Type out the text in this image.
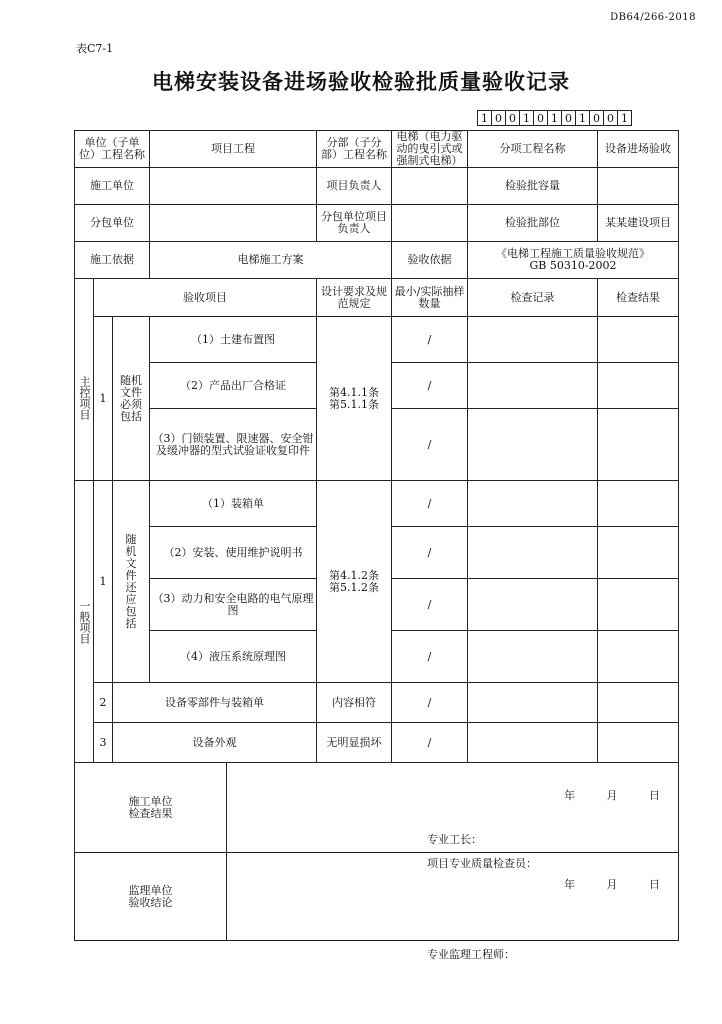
DB64/266-2018
表C7-1
电梯安装设备进场验收检验批质量验收记录
1 0 0 1 0 1 0 1 0 0 1
单位（子单位）工程名称			项目工程		分部（子分部）工程名称	电梯（电力驱动的曳引式或强制式电梯）	分项工程名称	设备进场验收
施工单位					项目负责人		检验批容量	
分包单位					分包单位项目负责人		检验批部位	某某建设项目
施工依据			电梯施工方案			验收依据	《电梯工程施工质量验收规范》
GB 50310-2002	

主控项目	验收项目				设计要求及规范规定	最小/实际抽样数量	检查记录	检查结果
	1	随机文件必须包括	（1）土建布置图		第4.1.1条
第5.1.1条	/		
			（2）产品出厂合格证			/		
			（3）门锁装置、限速器、安全钳及缓冲器的型式试验证收复印件			/		

一般项目	1	随机文件还应包括	（1）装箱单		第4.1.2条
第5.1.2条	/		
			（2）安装、使用维护说明书			/		
			（3）动力和安全电路的电气原理图			/		
			（4）液压系统原理图			/		
	2	设备零部件与装箱单			内容相符	/		
	3	设备外观			无明显损坏	/		

施工单位检查结果				专业工长：
项目专业质量检查员：
年 月 日				

监理单位验收结论				专业监理工程师：
年 月 日				
